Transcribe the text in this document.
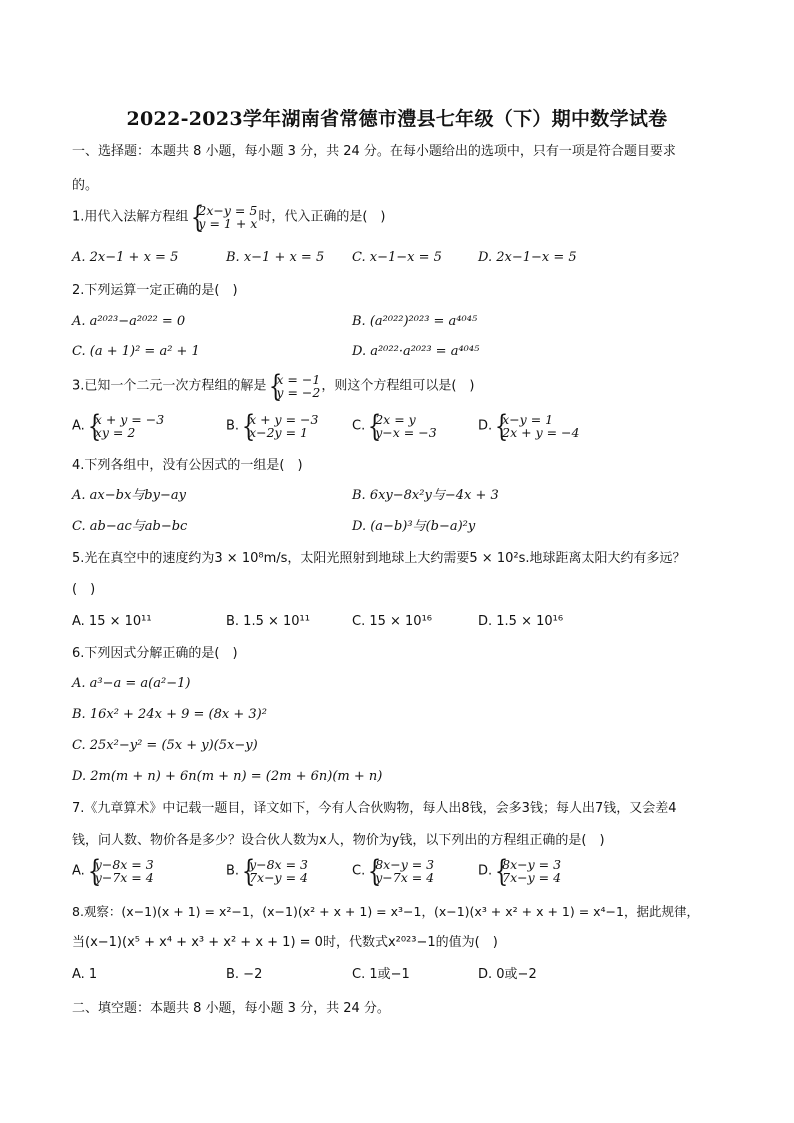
2022-2023学年湖南省常德市澧县七年级（下）期中数学试卷
一、选择题：本题共 8 小题，每小题 3 分，共 24 分。在每小题给出的选项中，只有一项是符合题目要求
的。
1.用代入法解方程组 { 2x−y = 5
y = 1 + x 时，代入正确的是(　)
A. 2x−1 + x = 5	B. x−1 + x = 5 C. x−1−x = 5	D. 2x−1−x = 5
2.下列运算一定正确的是(　)
A. a²⁰²³−a²⁰²² = 0	B. (a²⁰²²)²⁰²³ = a⁴⁰⁴⁵
C. (a + 1)² = a² + 1	D. a²⁰²²·a²⁰²³ = a⁴⁰⁴⁵
3.已知一个二元一次方程组的解是 { x = −1
y = −2 ，则这个方程组可以是(　)
A. { x + y = −3
xy = 2	B. { x + y = −3
x−2y = 1	C. { 2x = y
y−x = −3	D. { x−y = 1
2x + y = −4
4.下列各组中，没有公因式的一组是(　)
A. ax−bx与by−ay	B. 6xy−8x²y与−4x + 3
C. ab−ac与ab−bc	D. (a−b)³与(b−a)²y
5.光在真空中的速度约为3 × 10⁸m/s，太阳光照射到地球上大约需要5 × 10²s.地球距离太阳大约有多远？
(　)
A. 15 × 10¹¹	B. 1.5 × 10¹¹	C. 15 × 10¹⁶	D. 1.5 × 10¹⁶
6.下列因式分解正确的是(　)
A. a³−a = a(a²−1)
B. 16x² + 24x + 9 = (8x + 3)²
C. 25x²−y² = (5x + y)(5x−y)
D. 2m(m + n) + 6n(m + n) = (2m + 6n)(m + n)
7.《九章算术》中记载一题目，译文如下，今有人合伙购物，每人出8钱，会多3钱；每人出7钱，又会差4
钱，问人数、物价各是多少？设合伙人数为x人，物价为y钱，以下列出的方程组正确的是(　)
A. { y−8x = 3
y−7x = 4	B. { y−8x = 3
7x−y = 4	C. { 8x−y = 3
y−7x = 4	D. { 8x−y = 3
7x−y = 4
8.观察：(x−1)(x + 1) = x²−1，(x−1)(x² + x + 1) = x³−1，(x−1)(x³ + x² + x + 1) = x⁴−1，据此规律，
当(x−1)(x⁵ + x⁴ + x³ + x² + x + 1) = 0时，代数式x²⁰²³−1的值为(　)
A. 1	B. −2	C. 1或−1	D. 0或−2
二、填空题：本题共 8 小题，每小题 3 分，共 24 分。
